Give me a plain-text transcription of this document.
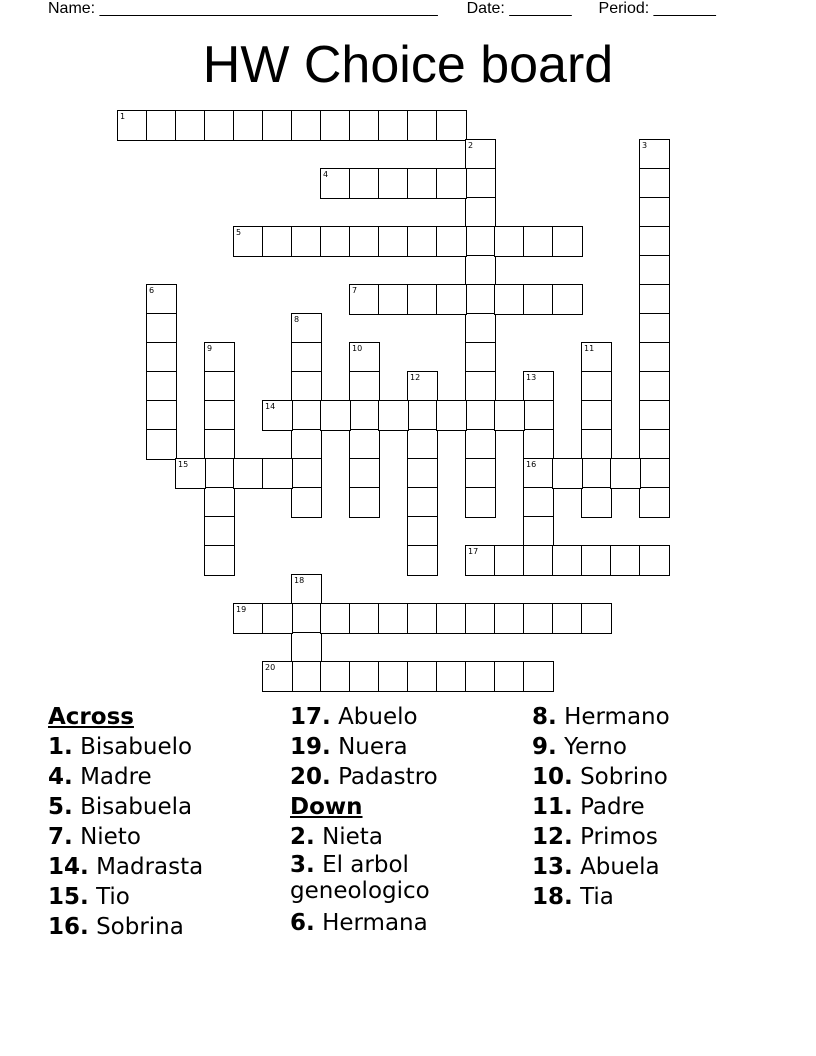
Name: ______________________________________ Date: _______ Period: _______
HW Choice board
1
2	3
4
5
6	7
8
9	10	11
12	13
16
14
15
17
18
19
20
Across
1. Bisabuelo
4. Madre
5. Bisabuela
7. Nieto
14. Madrasta
15. Tio
16. Sobrina
17. Abuelo
19. Nuera
20. Padastro
Down
2. Nieta
3. El arbol geneologico
6. Hermana
8. Hermano
9. Yerno
10. Sobrino
11. Padre
12. Primos
13. Abuela
18. Tia
